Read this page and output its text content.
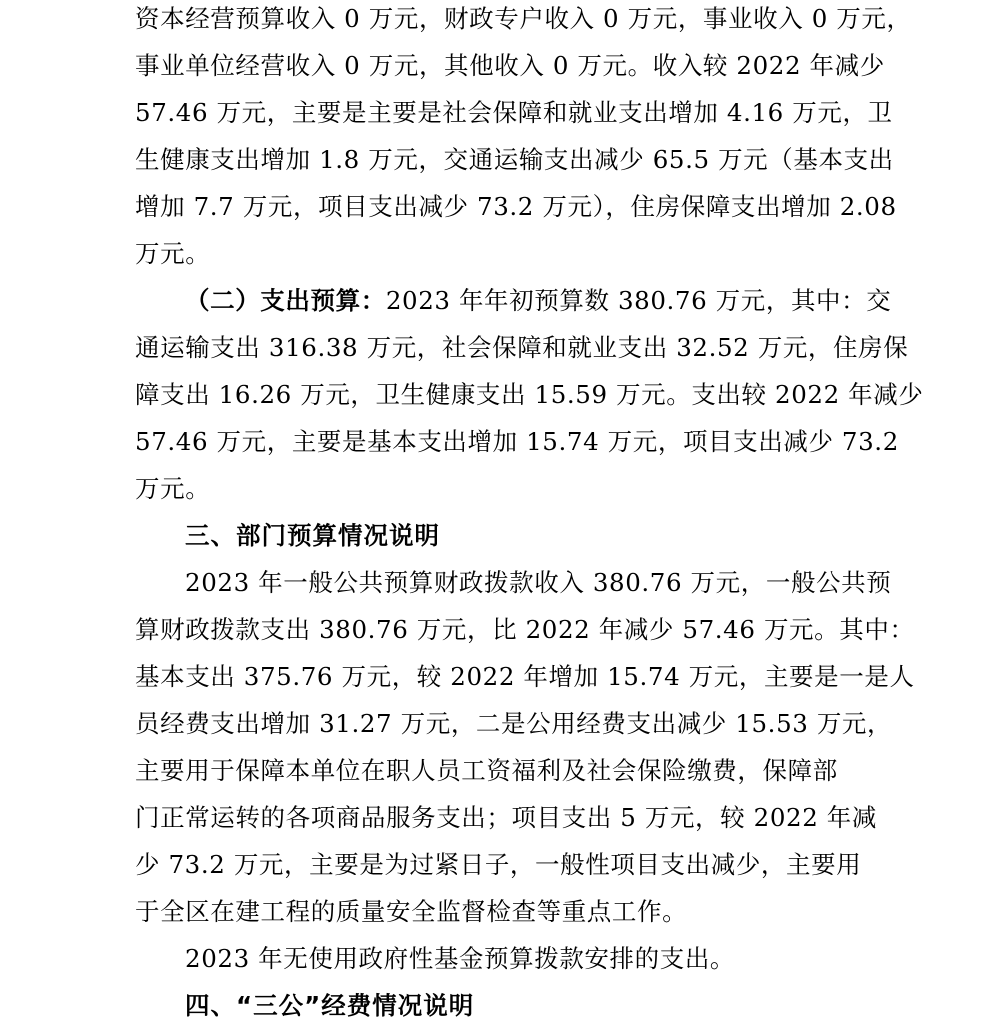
资本经营预算收入 0 万元，财政专户收入 0 万元，事业收入 0 万元，
事业单位经营收入 0 万元，其他收入 0 万元。收入较 2022 年减少
57.46 万元，主要是主要是社会保障和就业支出增加 4.16 万元，卫
生健康支出增加 1.8 万元，交通运输支出减少 65.5 万元（基本支出
增加 7.7 万元，项目支出减少 73.2 万元），住房保障支出增加 2.08
万元。
（二）支出预算：2023 年年初预算数 380.76 万元，其中：交
通运输支出 316.38 万元，社会保障和就业支出 32.52 万元，住房保
障支出 16.26 万元，卫生健康支出 15.59 万元。支出较 2022 年减少
57.46 万元，主要是基本支出增加 15.74 万元，项目支出减少 73.2
万元。
三、部门预算情况说明
2023 年一般公共预算财政拨款收入 380.76 万元，一般公共预
算财政拨款支出 380.76 万元，比 2022 年减少 57.46 万元。其中：
基本支出 375.76 万元，较 2022 年增加 15.74 万元，主要是一是人
员经费支出增加 31.27 万元，二是公用经费支出减少 15.53 万元，
主要用于保障本单位在职人员工资福利及社会保险缴费，保障部
门正常运转的各项商品服务支出；项目支出 5 万元，较 2022 年减
少 73.2 万元，主要是为过紧日子，一般性项目支出减少，主要用
于全区在建工程的质量安全监督检查等重点工作。
2023 年无使用政府性基金预算拨款安排的支出。
四、“三公”经费情况说明
